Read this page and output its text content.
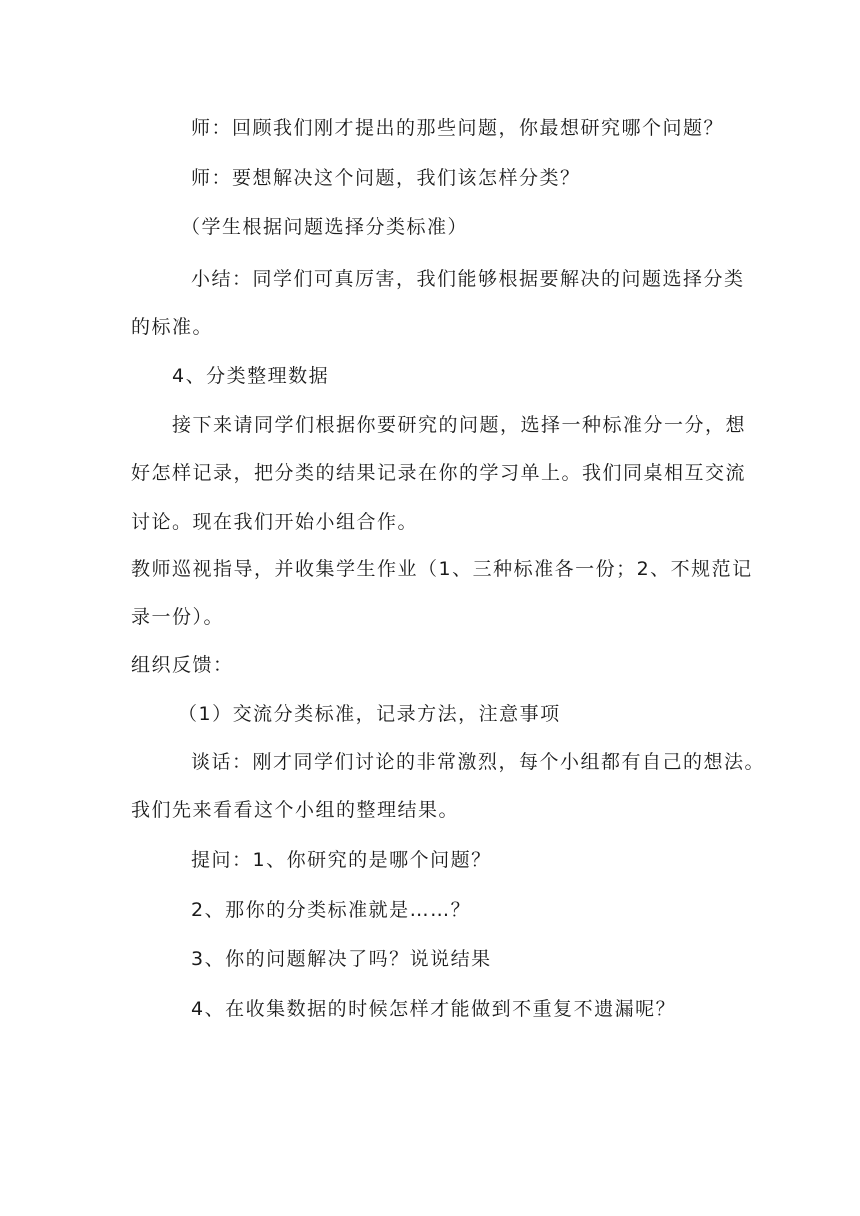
师：回顾我们刚才提出的那些问题，你最想研究哪个问题？
师：要想解决这个问题，我们该怎样分类？
（学生根据问题选择分类标准）
小结：同学们可真厉害，我们能够根据要解决的问题选择分类
的标准。
4、分类整理数据
接下来请同学们根据你要研究的问题，选择一种标准分一分，想
好怎样记录，把分类的结果记录在你的学习单上。我们同桌相互交流
讨论。现在我们开始小组合作。
教师巡视指导，并收集学生作业（1、三种标准各一份；2、不规范记
录一份）。
组织反馈：
（1）交流分类标准，记录方法，注意事项
谈话：刚才同学们讨论的非常激烈，每个小组都有自己的想法。
我们先来看看这个小组的整理结果。
提问：1、你研究的是哪个问题？
2、那你的分类标准就是……？
3、你的问题解决了吗？说说结果
4、在收集数据的时候怎样才能做到不重复不遗漏呢？
